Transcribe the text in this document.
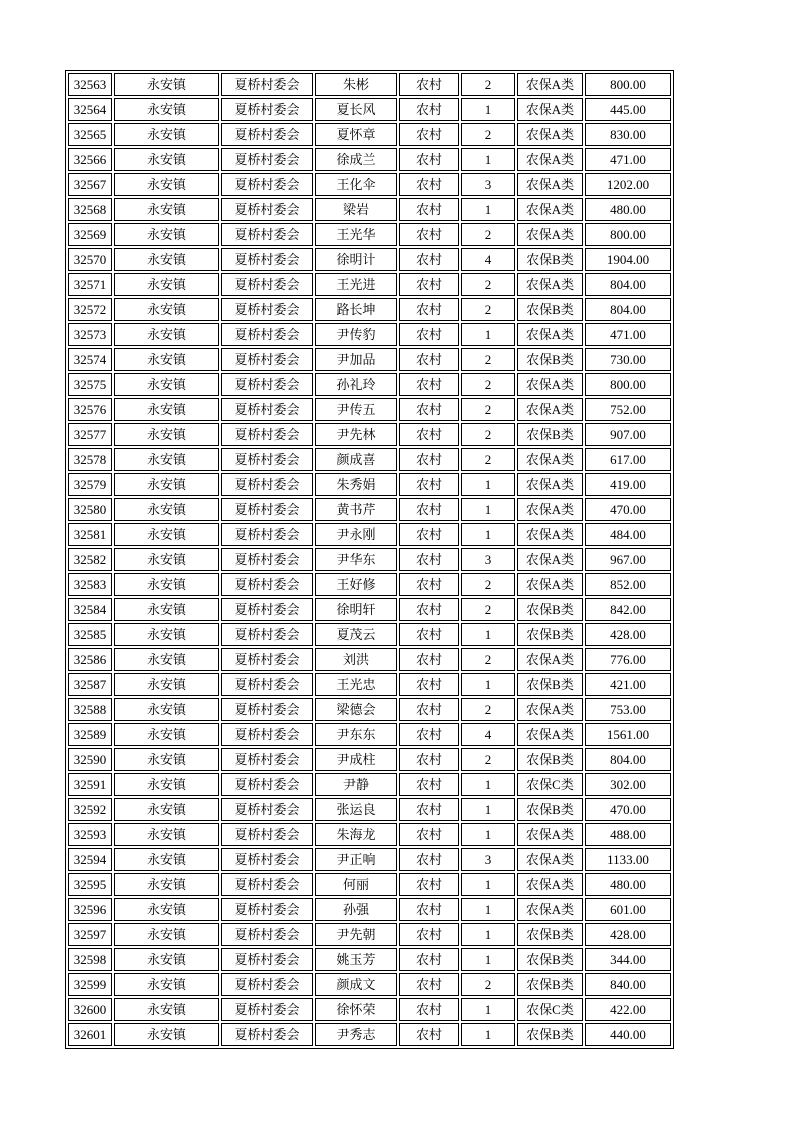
32563	永安镇	夏桥村委会	朱彬	农村	2	农保A类	800.00
32564	永安镇	夏桥村委会	夏长风	农村	1	农保A类	445.00
32565	永安镇	夏桥村委会	夏怀章	农村	2	农保A类	830.00
32566	永安镇	夏桥村委会	徐成兰	农村	1	农保A类	471.00
32567	永安镇	夏桥村委会	王化伞	农村	3	农保A类	1202.00
32568	永安镇	夏桥村委会	梁岩	农村	1	农保A类	480.00
32569	永安镇	夏桥村委会	王光华	农村	2	农保A类	800.00
32570	永安镇	夏桥村委会	徐明计	农村	4	农保B类	1904.00
32571	永安镇	夏桥村委会	王光进	农村	2	农保A类	804.00
32572	永安镇	夏桥村委会	路长坤	农村	2	农保B类	804.00
32573	永安镇	夏桥村委会	尹传豹	农村	1	农保A类	471.00
32574	永安镇	夏桥村委会	尹加品	农村	2	农保B类	730.00
32575	永安镇	夏桥村委会	孙礼玲	农村	2	农保A类	800.00
32576	永安镇	夏桥村委会	尹传五	农村	2	农保A类	752.00
32577	永安镇	夏桥村委会	尹先林	农村	2	农保B类	907.00
32578	永安镇	夏桥村委会	颜成喜	农村	2	农保A类	617.00
32579	永安镇	夏桥村委会	朱秀娟	农村	1	农保A类	419.00
32580	永安镇	夏桥村委会	黄书芹	农村	1	农保A类	470.00
32581	永安镇	夏桥村委会	尹永刚	农村	1	农保A类	484.00
32582	永安镇	夏桥村委会	尹华东	农村	3	农保A类	967.00
32583	永安镇	夏桥村委会	王好修	农村	2	农保A类	852.00
32584	永安镇	夏桥村委会	徐明轩	农村	2	农保B类	842.00
32585	永安镇	夏桥村委会	夏茂云	农村	1	农保B类	428.00
32586	永安镇	夏桥村委会	刘洪	农村	2	农保A类	776.00
32587	永安镇	夏桥村委会	王光忠	农村	1	农保B类	421.00
32588	永安镇	夏桥村委会	梁德会	农村	2	农保A类	753.00
32589	永安镇	夏桥村委会	尹东东	农村	4	农保A类	1561.00
32590	永安镇	夏桥村委会	尹成柱	农村	2	农保B类	804.00
32591	永安镇	夏桥村委会	尹静	农村	1	农保C类	302.00
32592	永安镇	夏桥村委会	张运良	农村	1	农保B类	470.00
32593	永安镇	夏桥村委会	朱海龙	农村	1	农保A类	488.00
32594	永安镇	夏桥村委会	尹正响	农村	3	农保A类	1133.00
32595	永安镇	夏桥村委会	何丽	农村	1	农保A类	480.00
32596	永安镇	夏桥村委会	孙强	农村	1	农保A类	601.00
32597	永安镇	夏桥村委会	尹先朝	农村	1	农保B类	428.00
32598	永安镇	夏桥村委会	姚玉芳	农村	1	农保B类	344.00
32599	永安镇	夏桥村委会	颜成文	农村	2	农保B类	840.00
32600	永安镇	夏桥村委会	徐怀荣	农村	1	农保C类	422.00
32601	永安镇	夏桥村委会	尹秀志	农村	1	农保B类	440.00
